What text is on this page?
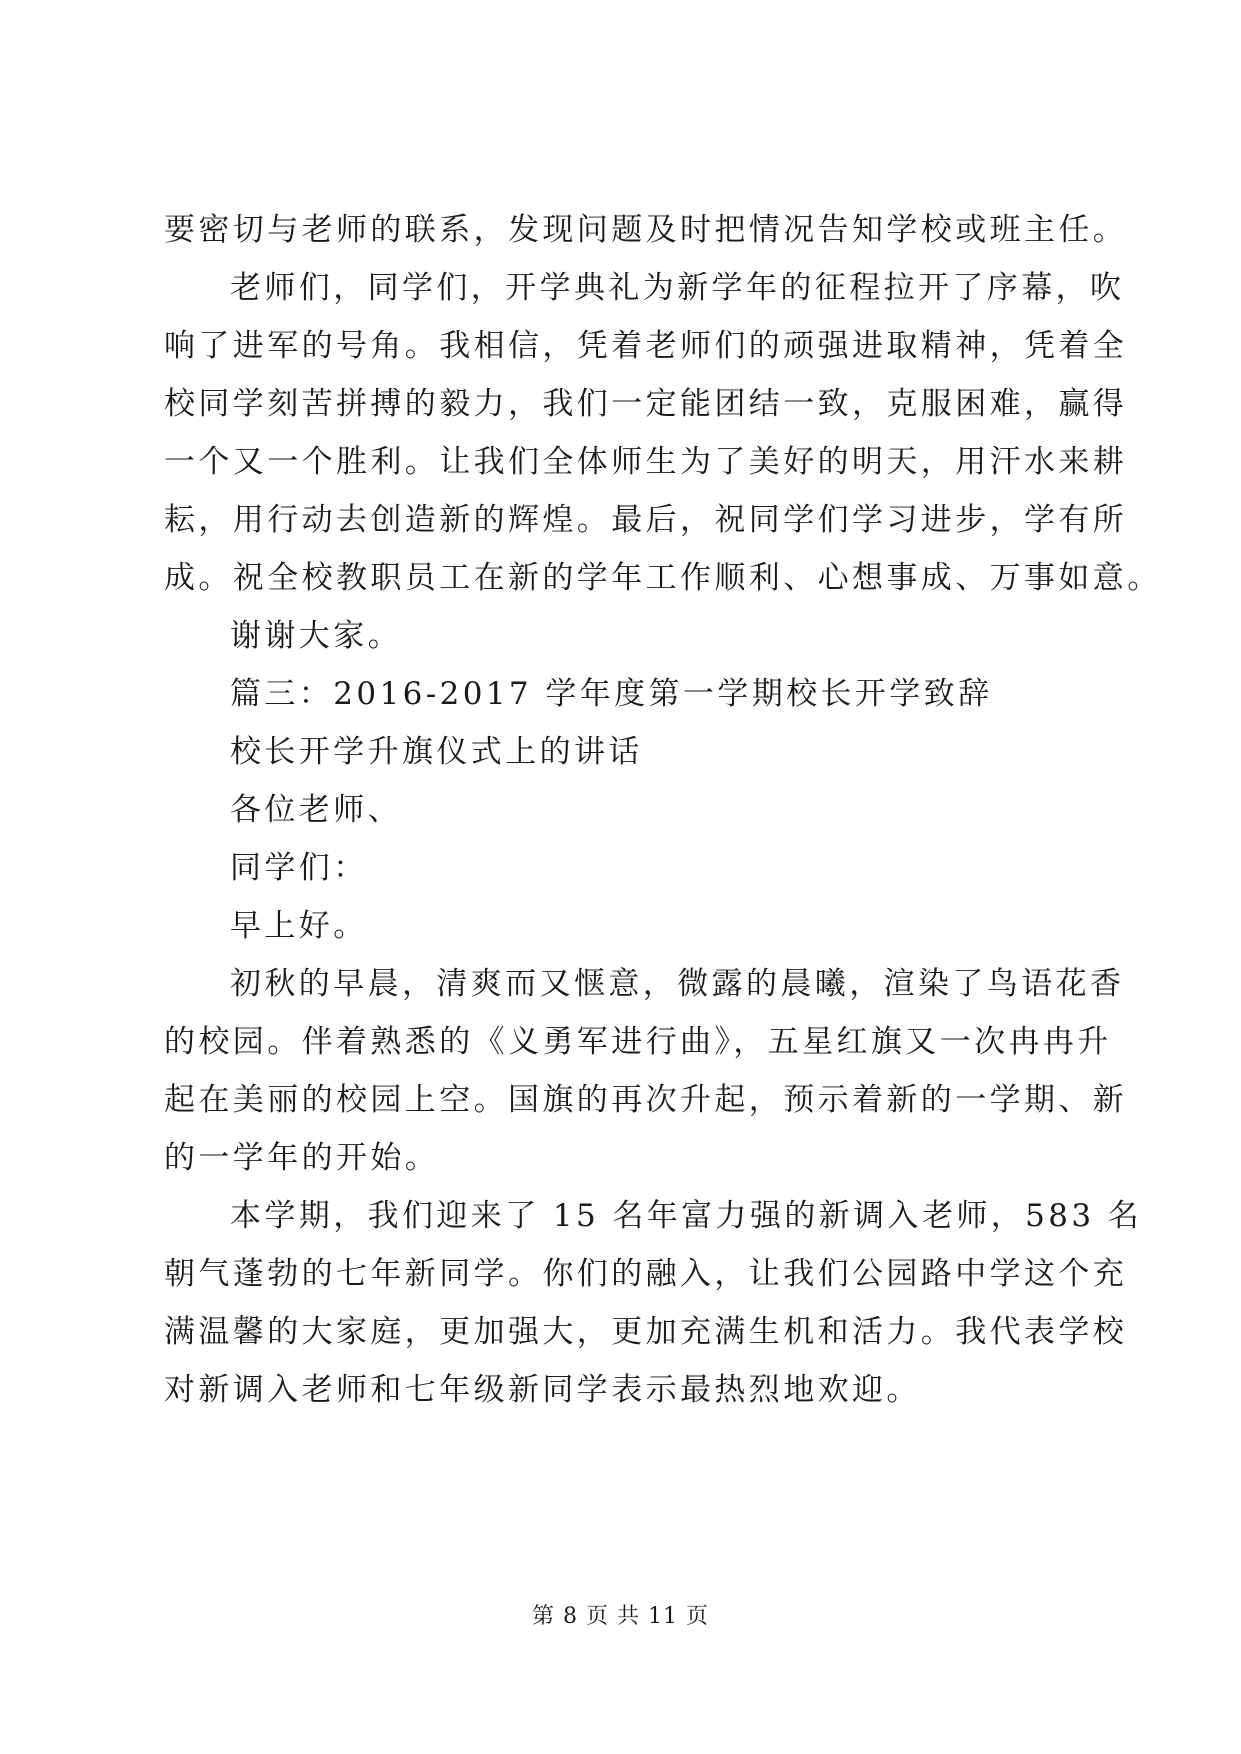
要密切与老师的联系，发现问题及时把情况告知学校或班主任。
老师们，同学们，开学典礼为新学年的征程拉开了序幕，吹
响了进军的号角。我相信，凭着老师们的顽强进取精神，凭着全
校同学刻苦拼搏的毅力，我们一定能团结一致，克服困难，赢得
一个又一个胜利。让我们全体师生为了美好的明天，用汗水来耕
耘，用行动去创造新的辉煌。最后，祝同学们学习进步，学有所
成。祝全校教职员工在新的学年工作顺利、心想事成、万事如意。
谢谢大家。
篇三：2016-2017 学年度第一学期校长开学致辞
校长开学升旗仪式上的讲话
各位老师、
同学们：
早上好。
初秋的早晨，清爽而又惬意，微露的晨曦，渲染了鸟语花香
的校园。伴着熟悉的《义勇军进行曲》，五星红旗又一次冉冉升
起在美丽的校园上空。国旗的再次升起，预示着新的一学期、新
的一学年的开始。
本学期，我们迎来了 15 名年富力强的新调入老师，583 名
朝气蓬勃的七年新同学。你们的融入，让我们公园路中学这个充
满温馨的大家庭，更加强大，更加充满生机和活力。我代表学校
对新调入老师和七年级新同学表示最热烈地欢迎。
第 8 页 共 11 页
